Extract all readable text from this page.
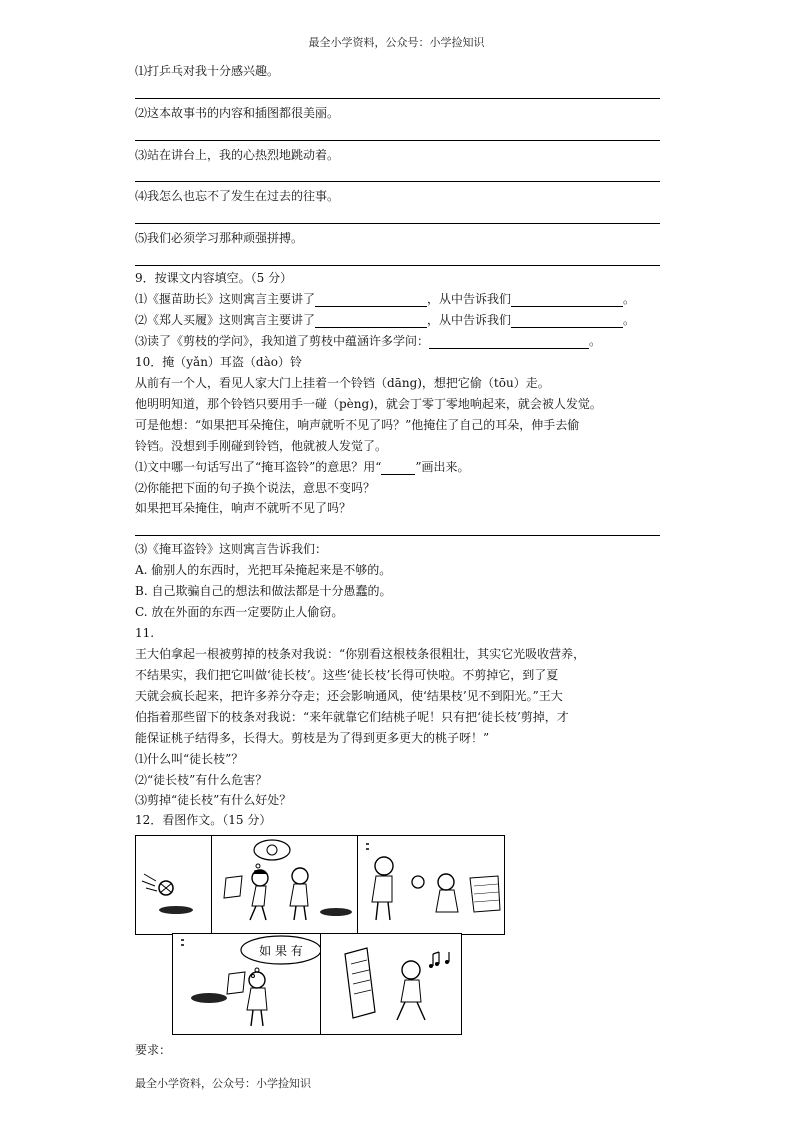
最全小学资料，公众号：小学捡知识
⑴打乒乓对我十分感兴趣。
⑵这本故事书的内容和插图都很美丽。
⑶站在讲台上，我的心热烈地跳动着。
⑷我怎么也忘不了发生在过去的往事。
⑸我们必须学习那种顽强拼搏。
9．按课文内容填空。（5 分）
⑴《揠苗助长》这则寓言主要讲了	，从中告诉我们	。
⑵《郑人买履》这则寓言主要讲了	，从中告诉我们	。
⑶读了《剪枝的学问》，我知道了剪枝中蕴涵许多学问：	。
10．掩（yǎn）耳盗（dào）铃
从前有一个人，看见人家大门上挂着一个铃铛（dāng)，想把它偷（tōu）走。
他明明知道，那个铃铛只要用手一碰（pèng)，就会丁零丁零地响起来，就会被人发觉。
可是他想：“如果把耳朵掩住，响声就听不见了吗？”他掩住了自己的耳朵，伸手去偷
铃铛。没想到手刚碰到铃铛，他就被人发觉了。
⑴文中哪一句话写出了“掩耳盗铃”的意思？用“	”画出来。
⑵你能把下面的句子换个说法，意思不变吗？
如果把耳朵掩住，响声不就听不见了吗？
⑶《掩耳盗铃》这则寓言告诉我们：
A. 偷别人的东西时，光把耳朵掩起来是不够的。
B. 自己欺骗自己的想法和做法都是十分愚蠢的。
C. 放在外面的东西一定要防止人偷窃。
11.
王大伯拿起一根被剪掉的枝条对我说：“你别看这根枝条很粗壮，其实它光吸收营养，
不结果实，我们把它叫做‘徒长枝’。这些‘徒长枝’长得可快啦。不剪掉它，到了夏
天就会疯长起来，把许多养分夺走；还会影响通风，使‘结果枝’见不到阳光。”王大
伯指着那些留下的枝条对我说：“来年就靠它们结桃子呢！只有把‘徒长枝’剪掉，才
能保证桃子结得多，长得大。剪枝是为了得到更多更大的桃子呀！”
⑴什么叫“徒长枝”？
⑵“徒长枝”有什么危害？
⑶剪掉“徒长枝”有什么好处？
12．看图作文。（15 分）
如 果 有
要求：
最全小学资料，公众号：小学捡知识
